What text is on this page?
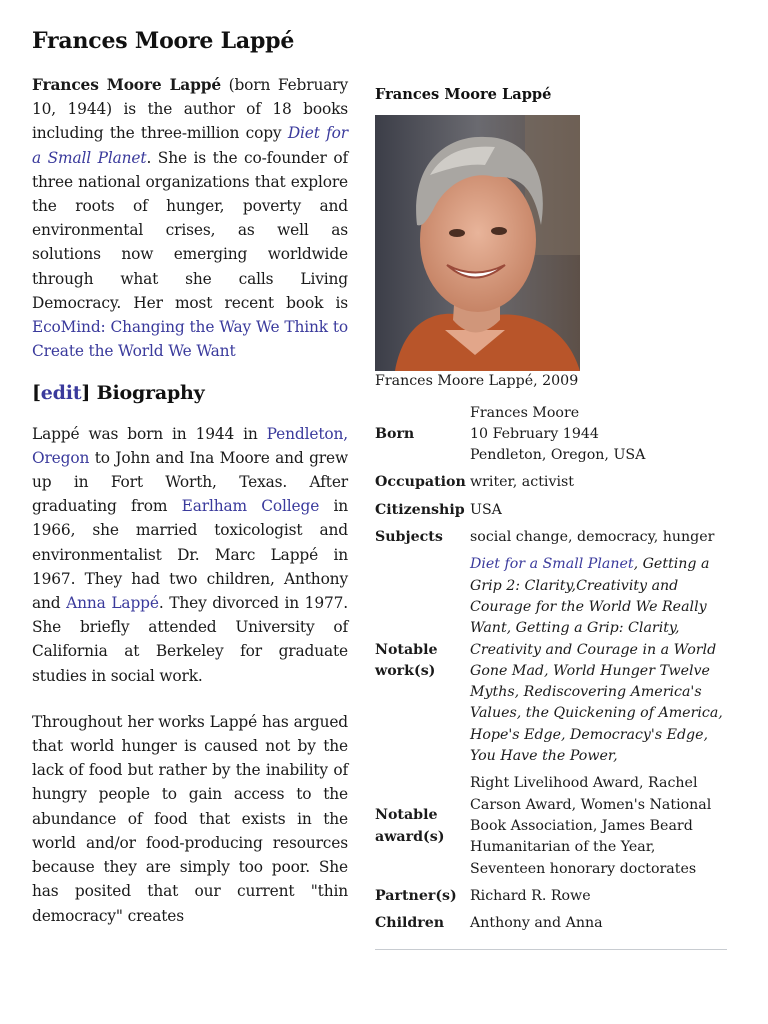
Frances Moore Lappé

Frances Moore Lappé (born February 10, 1944) is the author of 18 books including the three-million copy Diet for a Small Planet. She is the co-founder of three national organizations that explore the roots of hunger, poverty and environmental crises, as well as solutions now emerging worldwide through what she calls Living Democracy. Her most recent book is EcoMind: Changing the Way We Think to Create the World We Want

[edit] Biography

Lappé was born in 1944 in Pendleton, Oregon to John and Ina Moore and grew up in Fort Worth, Texas. After graduating from Earlham College in 1966, she married toxicologist and environmentalist Dr. Marc Lappé in 1967. They had two children, Anthony and Anna Lappé. They divorced in 1977. She briefly attended University of California at Berkeley for graduate studies in social work.

Throughout her works Lappé has argued that world hunger is caused not by the lack of food but rather by the inability of hungry people to gain access to the abundance of food that exists in the world and/or food-producing resources because they are simply too poor. She has posited that our current "thin democracy" creates

Frances Moore Lappé
Frances Moore Lappé, 2009
Born
Frances Moore
10 February 1944
Pendleton, Oregon, USA
Occupation writer, activist
Citizenship USA
Subjects	social change, democracy, hunger
Notable work(s)
Diet for a Small Planet, Getting a Grip 2: Clarity,Creativity and Courage for the World We Really Want, Getting a Grip: Clarity, Creativity and Courage in a World Gone Mad, World Hunger Twelve Myths, Rediscovering America's Values, the Quickening of America, Hope's Edge, Democracy's Edge, You Have the Power,
Notable award(s)
Right Livelihood Award, Rachel Carson Award, Women's National Book Association, James Beard Humanitarian of the Year, Seventeen honorary doctorates
Partner(s) Richard R. Rowe
Children	Anthony and Anna
